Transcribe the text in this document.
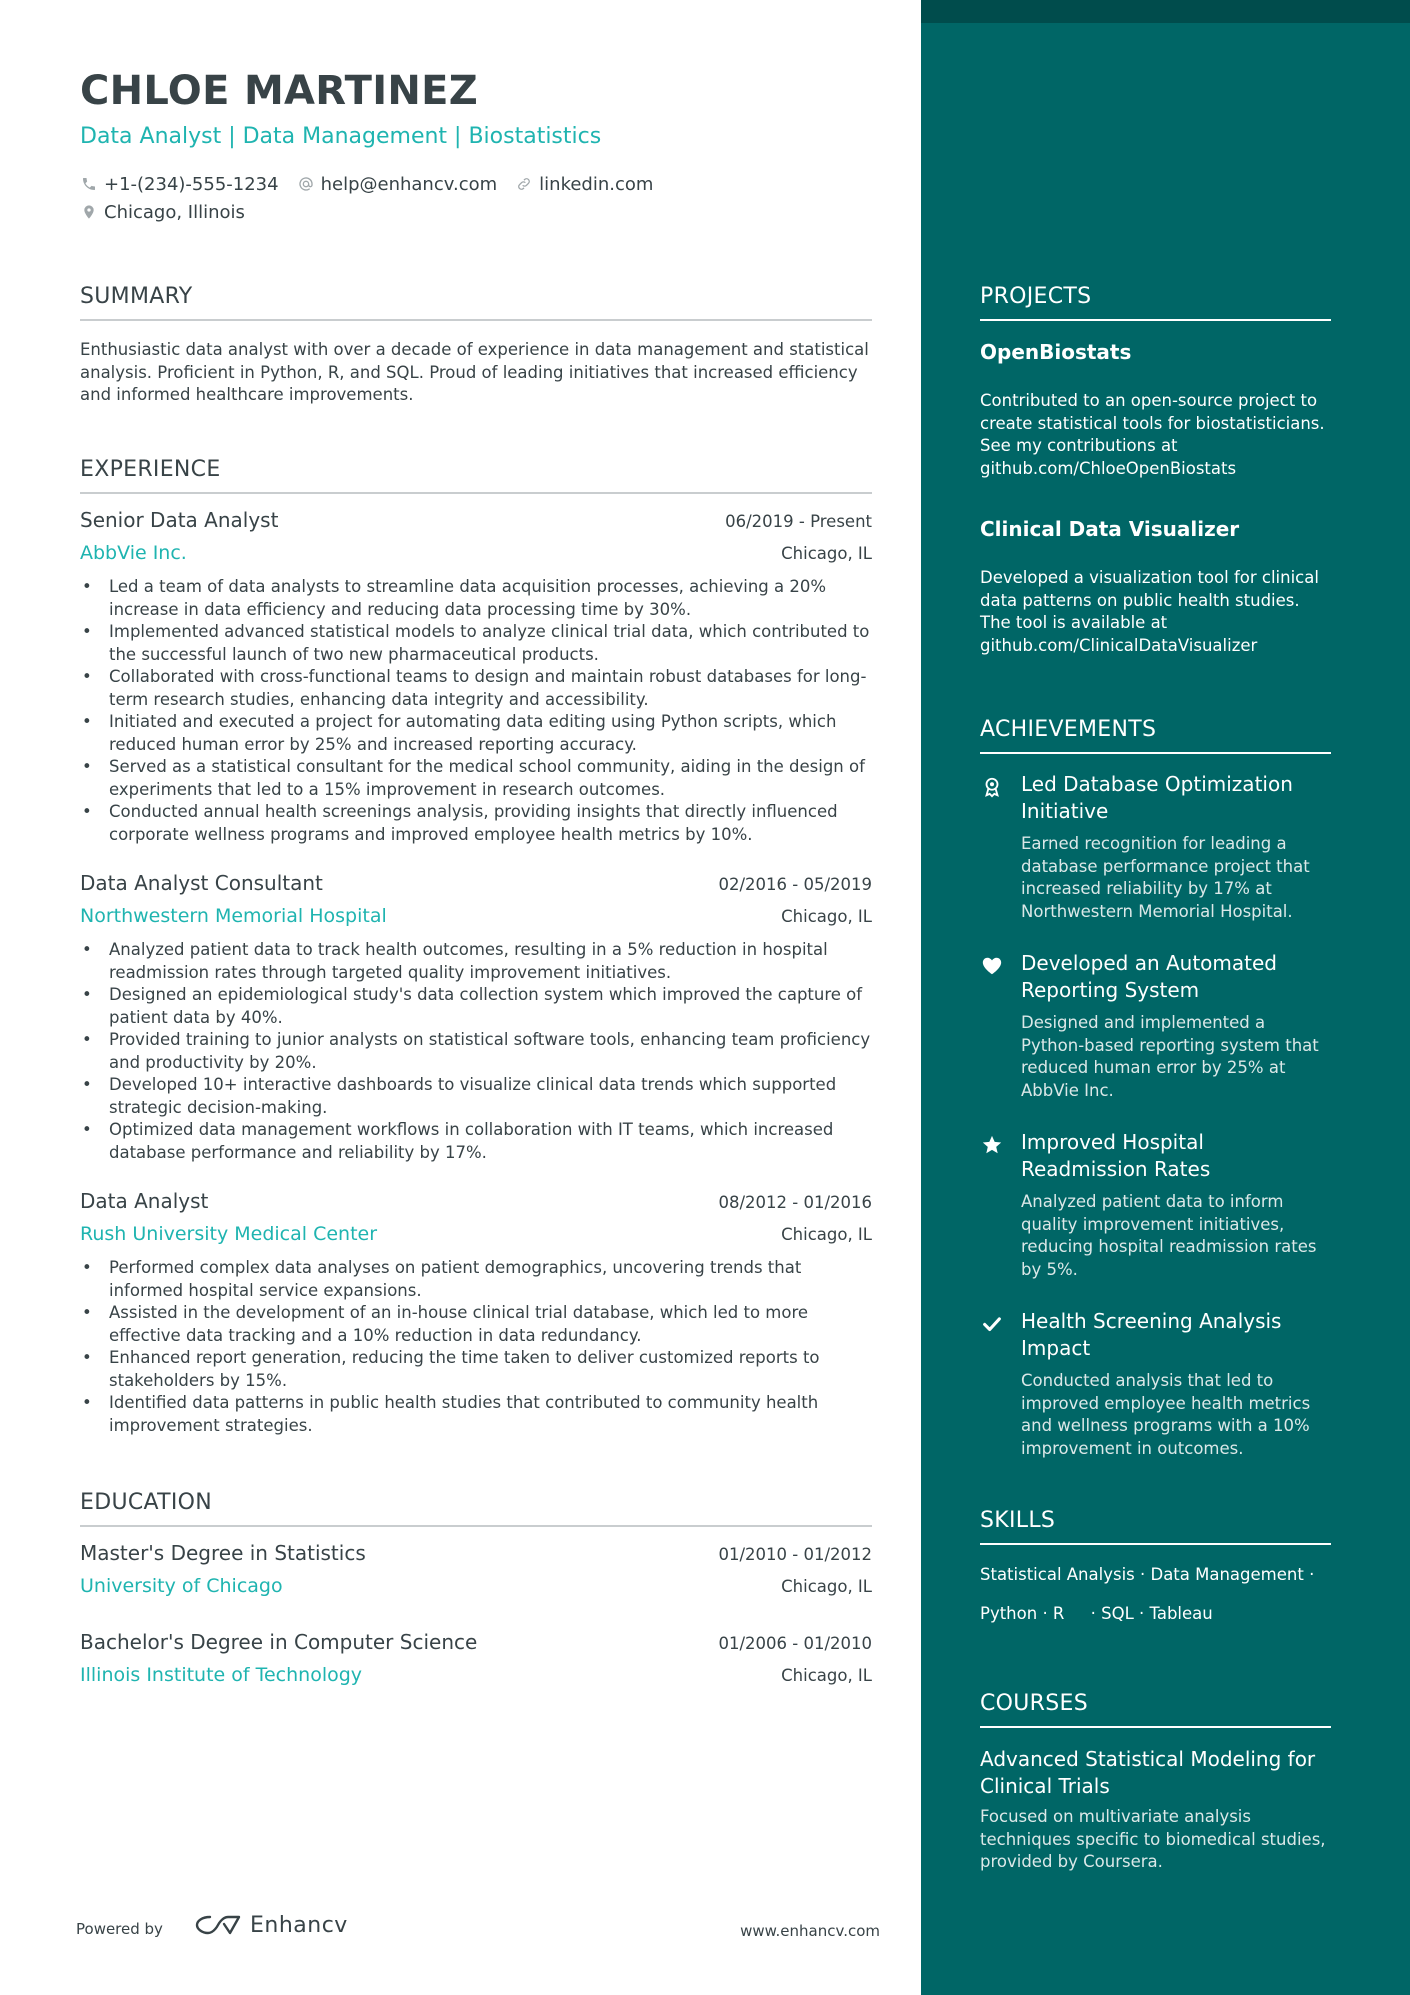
CHLOE MARTINEZ
Data Analyst | Data Management | Biostatistics
+1-(234)-555-1234 help@enhancv.com linkedin.com
Chicago, Illinois
SUMMARY
Enthusiastic data analyst with over a decade of experience in data management and statistical analysis. Proficient in Python, R, and SQL. Proud of leading initiatives that increased efficiency and informed healthcare improvements.
EXPERIENCE
Senior Data Analyst	06/2019 - Present
AbbVie Inc.	Chicago, IL
• Led a team of data analysts to streamline data acquisition processes, achieving a 20% increase in data efficiency and reducing data processing time by 30%.
• Implemented advanced statistical models to analyze clinical trial data, which contributed to the successful launch of two new pharmaceutical products.
• Collaborated with cross-functional teams to design and maintain robust databases for long-term research studies, enhancing data integrity and accessibility.
• Initiated and executed a project for automating data editing using Python scripts, which reduced human error by 25% and increased reporting accuracy.
• Served as a statistical consultant for the medical school community, aiding in the design of experiments that led to a 15% improvement in research outcomes.
• Conducted annual health screenings analysis, providing insights that directly influenced corporate wellness programs and improved employee health metrics by 10%.
Data Analyst Consultant	02/2016 - 05/2019
Northwestern Memorial Hospital	Chicago, IL
• Analyzed patient data to track health outcomes, resulting in a 5% reduction in hospital readmission rates through targeted quality improvement initiatives.
• Designed an epidemiological study's data collection system which improved the capture of patient data by 40%.
• Provided training to junior analysts on statistical software tools, enhancing team proficiency and productivity by 20%.
• Developed 10+ interactive dashboards to visualize clinical data trends which supported strategic decision-making.
• Optimized data management workflows in collaboration with IT teams, which increased database performance and reliability by 17%.
Data Analyst	08/2012 - 01/2016
Rush University Medical Center	Chicago, IL
• Performed complex data analyses on patient demographics, uncovering trends that informed hospital service expansions.
• Assisted in the development of an in-house clinical trial database, which led to more effective data tracking and a 10% reduction in data redundancy.
• Enhanced report generation, reducing the time taken to deliver customized reports to stakeholders by 15%.
• Identified data patterns in public health studies that contributed to community health improvement strategies.
EDUCATION
Master's Degree in Statistics	01/2010 - 01/2012
University of Chicago	Chicago, IL
Bachelor's Degree in Computer Science	01/2006 - 01/2010
Illinois Institute of Technology	Chicago, IL
Powered by	Enhancv	www.enhancv.com
PROJECTS
OpenBiostats
Contributed to an open-source project to create statistical tools for biostatisticians. See my contributions at github.com/ChloeOpenBiostats
Clinical Data Visualizer
Developed a visualization tool for clinical data patterns on public health studies. The tool is available at github.com/ClinicalDataVisualizer
ACHIEVEMENTS
Led Database Optimization Initiative
Earned recognition for leading a database performance project that increased reliability by 17% at Northwestern Memorial Hospital.
Developed an Automated Reporting System
Designed and implemented a Python-based reporting system that reduced human error by 25% at AbbVie Inc.
Improved Hospital Readmission Rates
Analyzed patient data to inform quality improvement initiatives, reducing hospital readmission rates by 5%.
Health Screening Analysis Impact
Conducted analysis that led to improved employee health metrics and wellness programs with a 10% improvement in outcomes.
SKILLS
Statistical Analysis · Data Management ·
Python · R     · SQL · Tableau
COURSES
Advanced Statistical Modeling for Clinical Trials
Focused on multivariate analysis techniques specific to biomedical studies, provided by Coursera.
